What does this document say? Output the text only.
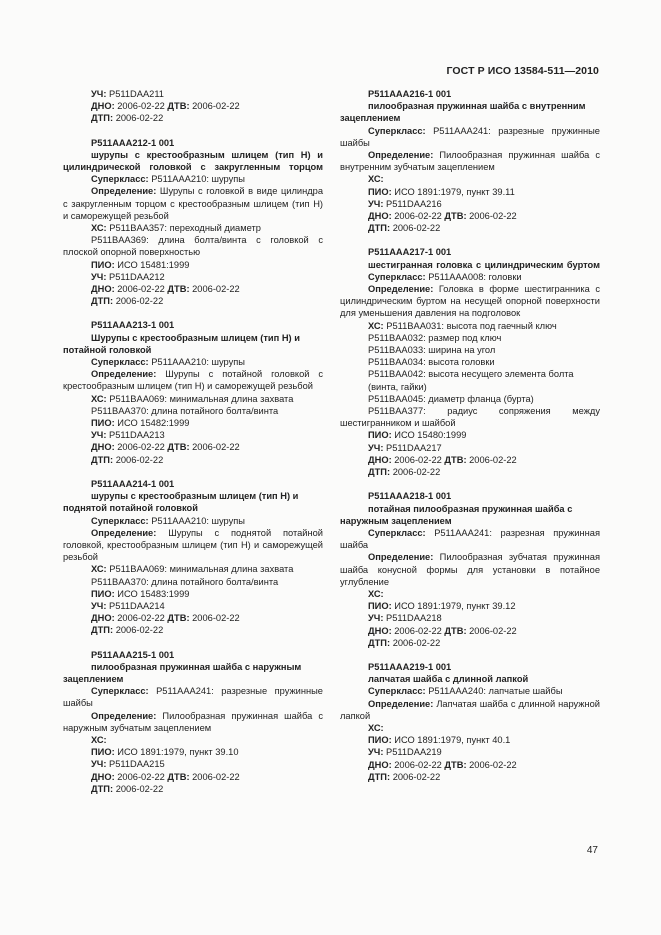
ГОСТ Р ИСО 13584-511—2010
УЧ: P511DAA211
ДНО: 2006-02-22 ДТВ: 2006-02-22
ДТП: 2006-02-22
P511AAA212-1 001
шурупы с крестообразным шлицем (тип Н) и цилиндрической головкой с закругленным торцом
Суперкласс: P511AAA210: шурупы
Определение: Шурупы с головкой в виде цилиндра с закругленным торцом с крестообразным шлицем (тип Н) и саморежущей резьбой
ХС: P511BAA357: переходный диаметр
P511BAA369: длина болта/винта с головкой с плоской опорной поверхностью
ПИО: ИСО 15481:1999
УЧ: P511DAA212
ДНО: 2006-02-22 ДТВ: 2006-02-22
ДТП: 2006-02-22
P511AAA213-1 001
Шурупы с крестообразным шлицем (тип Н) и потайной головкой
Суперкласс: P511AAA210: шурупы
Определение: Шурупы с потайной головкой с крестообразным шлицем (тип Н) и саморежущей резьбой
ХС: P511BAA069: минимальная длина захвата
P511BAA370: длина потайного болта/винта
ПИО: ИСО 15482:1999
УЧ: P511DAA213
ДНО: 2006-02-22 ДТВ: 2006-02-22
ДТП: 2006-02-22
P511AAA214-1 001
шурупы с крестообразным шлицем (тип Н) и поднятой потайной головкой
Суперкласс: P511AAA210: шурупы
Определение: Шурупы с поднятой потайной головкой, крестообразным шлицем (тип Н) и саморежущей резьбой
ХС: P511BAA069: минимальная длина захвата
P511BAA370: длина потайного болта/винта
ПИО: ИСО 15483:1999
УЧ: P511DAA214
ДНО: 2006-02-22 ДТВ: 2006-02-22
ДТП: 2006-02-22
P511AAA215-1 001
пилообразная пружинная шайба с наружным зацеплением
Суперкласс: P511AAA241: разрезные пружинные шайбы
Определение: Пилообразная пружинная шайба с наружным зубчатым зацеплением
ХС:
ПИО: ИСО 1891:1979, пункт 39.10
УЧ: P511DAA215
ДНО: 2006-02-22 ДТВ: 2006-02-22
ДТП: 2006-02-22
P511AAA216-1 001
пилообразная пружинная шайба с внутренним зацеплением
Суперкласс: P511AAA241: разрезные пружинные шайбы
Определение: Пилообразная пружинная шайба с внутренним зубчатым зацеплением
ХС:
ПИО: ИСО 1891:1979, пункт 39.11
УЧ: P511DAA216
ДНО: 2006-02-22 ДТВ: 2006-02-22
ДТП: 2006-02-22
P511AAA217-1 001
шестигранная головка с цилиндрическим буртом
Суперкласс: P511AAA008: головки
Определение: Головка в форме шестигранника с цилиндрическим буртом на несущей опорной поверхности для уменьшения давления на подголовок
ХС: P511BAA031: высота под гаечный ключ
P511BAA032: размер под ключ
P511BAA033: ширина на угол
P511BAA034: высота головки
P511BAA042: высота несущего элемента болта (винта, гайки)
P511BAA045: диаметр фланца (бурта)
P511BAA377: радиус сопряжения между шестигранником и шайбой
ПИО: ИСО 15480:1999
УЧ: P511DAA217
ДНО: 2006-02-22 ДТВ: 2006-02-22
ДТП: 2006-02-22
P511AAA218-1 001
потайная пилообразная пружинная шайба с наружным зацеплением
Суперкласс: P511AAA241: разрезная пружинная шайба
Определение: Пилообразная зубчатая пружинная шайба конусной формы для установки в потайное углубление
ХС:
ПИО: ИСО 1891:1979, пункт 39.12
УЧ: P511DAA218
ДНО: 2006-02-22 ДТВ: 2006-02-22
ДТП: 2006-02-22
P511AAA219-1 001
лапчатая шайба с длинной лапкой
Суперкласс: P511AAA240: лапчатые шайбы
Определение: Лапчатая шайба с длинной наружной лапкой
ХС:
ПИО: ИСО 1891:1979, пункт 40.1
УЧ: P511DAA219
ДНО: 2006-02-22 ДТВ: 2006-02-22
ДТП: 2006-02-22
47
